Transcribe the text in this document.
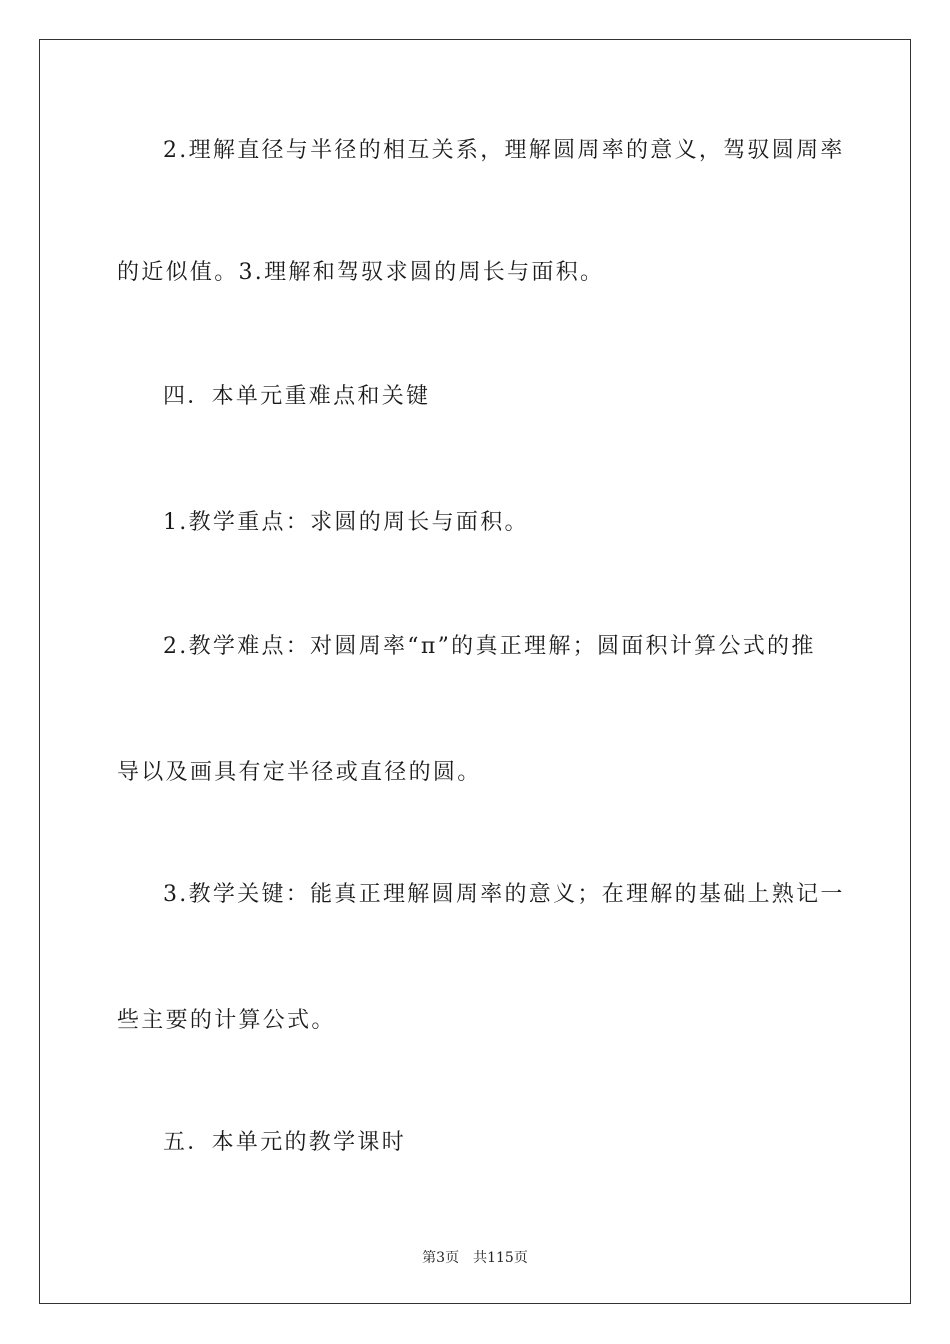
2.理解直径与半径的相互关系，理解圆周率的意义，驾驭圆周率
的近似值。3.理解和驾驭求圆的周长与面积。
四．本单元重难点和关键
1.教学重点：求圆的周长与面积。
2.教学难点：对圆周率“π”的真正理解；圆面积计算公式的推
导以及画具有定半径或直径的圆。
3.教学关键：能真正理解圆周率的意义；在理解的基础上熟记一
些主要的计算公式。
五．本单元的教学课时
第3页 共115页
